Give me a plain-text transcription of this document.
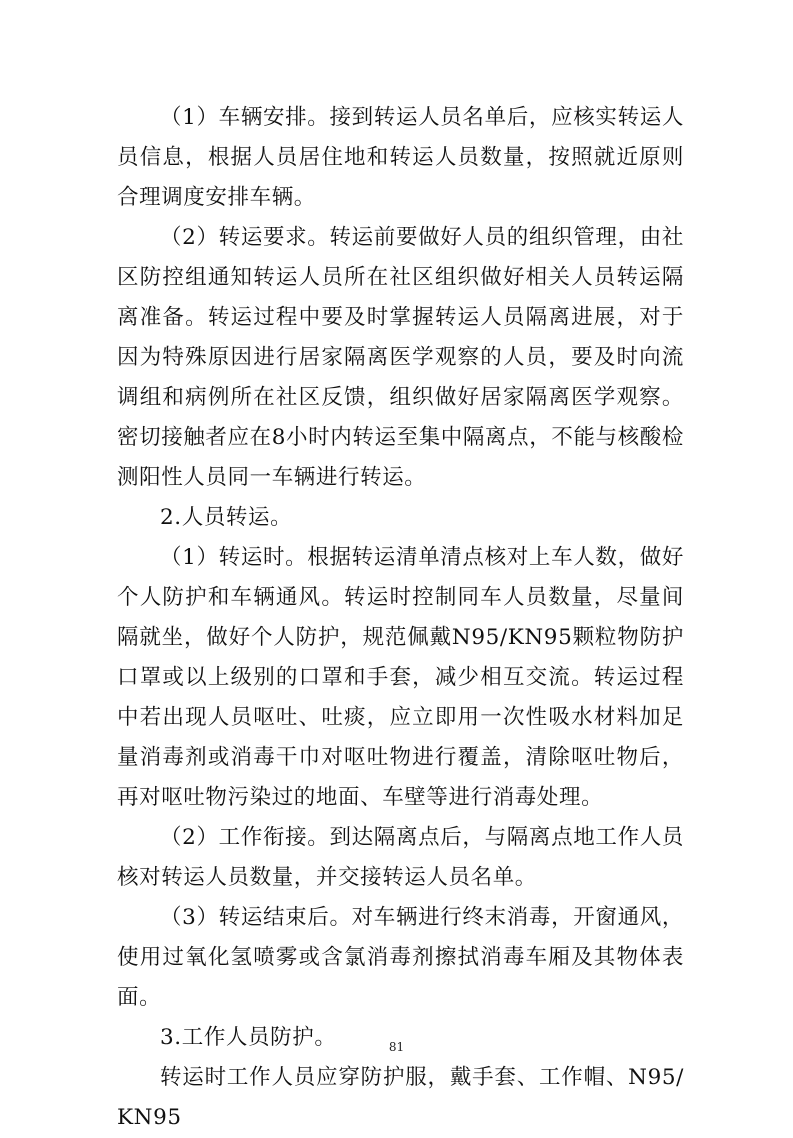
（1）车辆安排。接到转运人员名单后，应核实转运人员信息，根据人员居住地和转运人员数量，按照就近原则合理调度安排车辆。

（2）转运要求。转运前要做好人员的组织管理，由社区防控组通知转运人员所在社区组织做好相关人员转运隔离准备。转运过程中要及时掌握转运人员隔离进展，对于因为特殊原因进行居家隔离医学观察的人员，要及时向流调组和病例所在社区反馈，组织做好居家隔离医学观察。密切接触者应在8小时内转运至集中隔离点，不能与核酸检测阳性人员同一车辆进行转运。

2.人员转运。

（1）转运时。根据转运清单清点核对上车人数，做好个人防护和车辆通风。转运时控制同车人员数量，尽量间隔就坐，做好个人防护，规范佩戴N95/KN95颗粒物防护口罩或以上级别的口罩和手套，减少相互交流。转运过程中若出现人员呕吐、吐痰，应立即用一次性吸水材料加足量消毒剂或消毒干巾对呕吐物进行覆盖，清除呕吐物后，再对呕吐物污染过的地面、车壁等进行消毒处理。

（2）工作衔接。到达隔离点后，与隔离点地工作人员核对转运人员数量，并交接转运人员名单。

（3）转运结束后。对车辆进行终末消毒，开窗通风，使用过氧化氢喷雾或含氯消毒剂擦拭消毒车厢及其物体表面。

3.工作人员防护。

转运时工作人员应穿防护服，戴手套、工作帽、N95/KN95

81
